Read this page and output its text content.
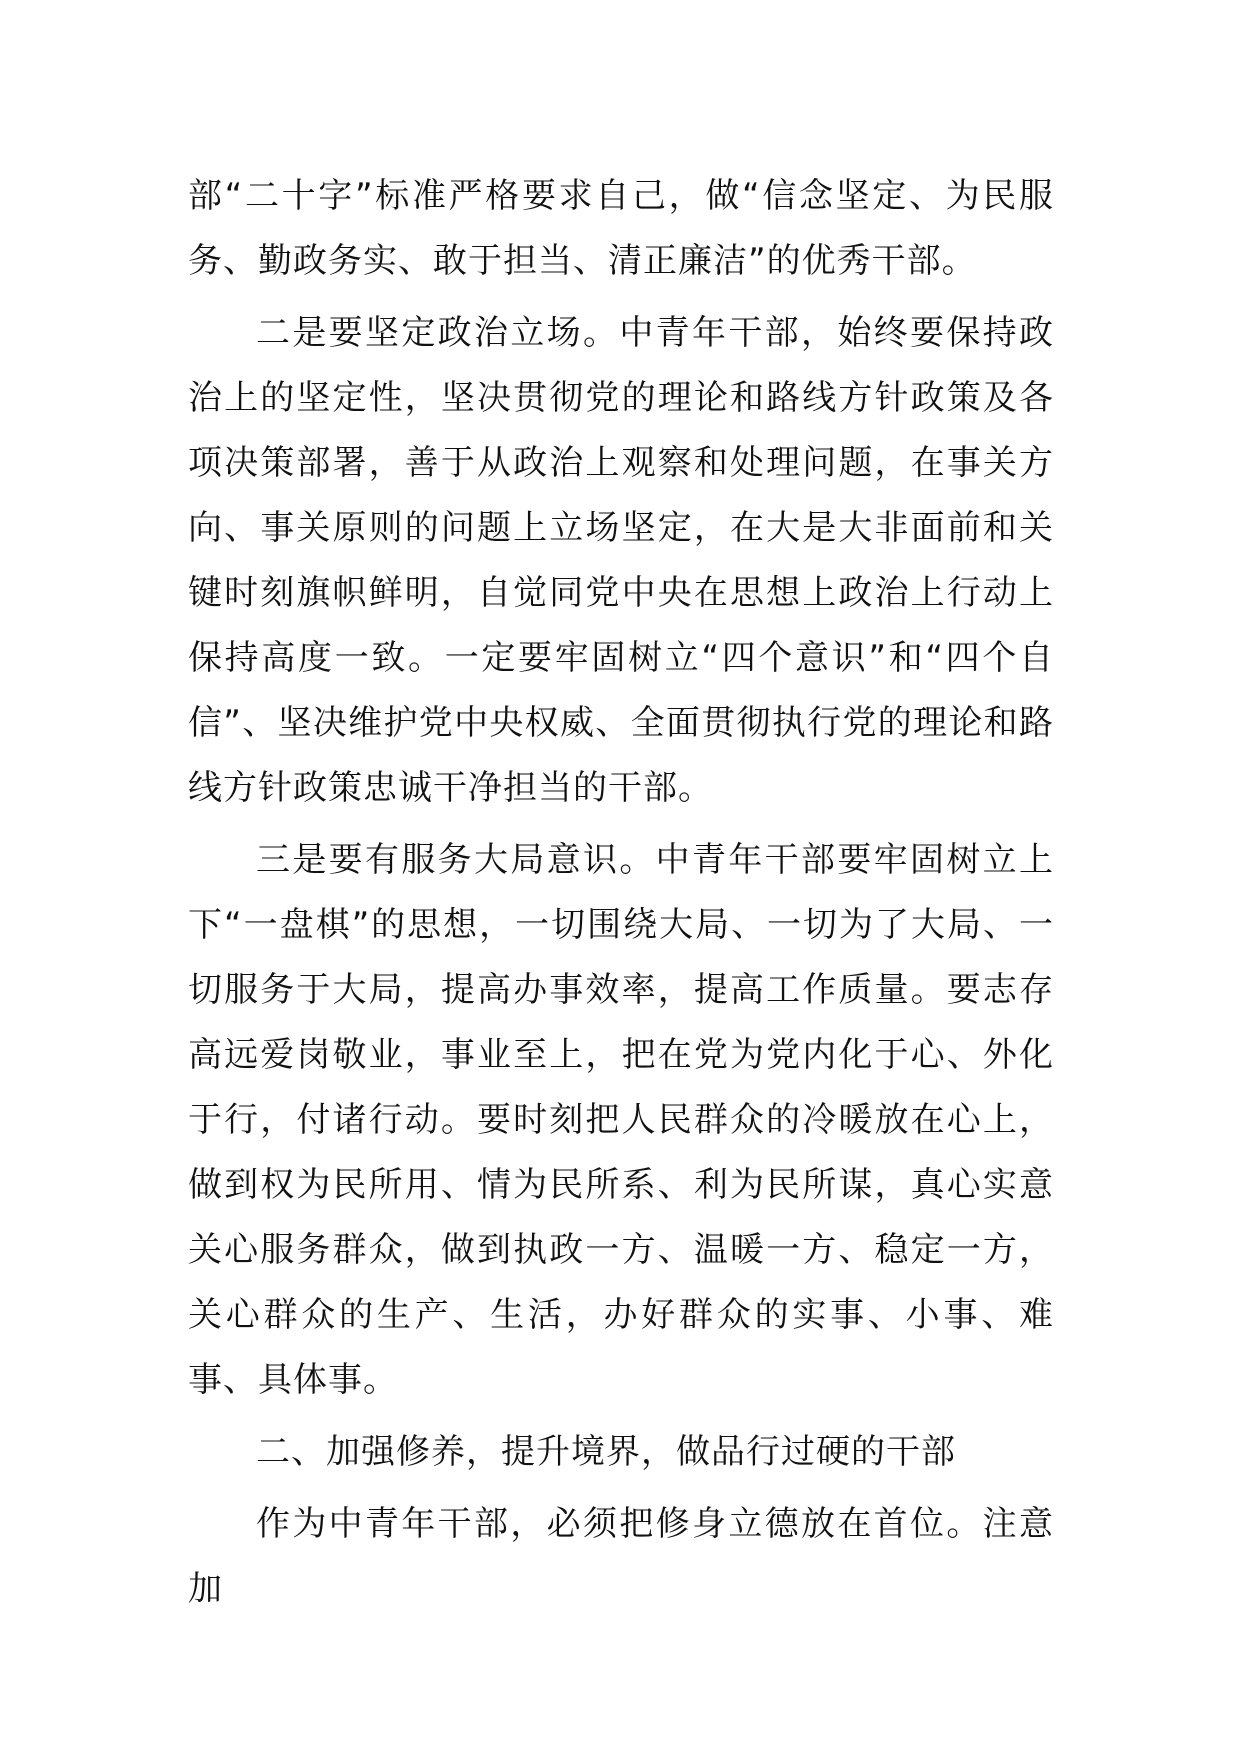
部“二十字”标准严格要求自己，做“信念坚定、为民服务、勤政务实、敢于担当、清正廉洁”的优秀干部。

二是要坚定政治立场。中青年干部，始终要保持政治上的坚定性，坚决贯彻党的理论和路线方针政策及各项决策部署，善于从政治上观察和处理问题，在事关方向、事关原则的问题上立场坚定，在大是大非面前和关键时刻旗帜鲜明，自觉同党中央在思想上政治上行动上保持高度一致。一定要牢固树立“四个意识”和“四个自信”、坚决维护党中央权威、全面贯彻执行党的理论和路线方针政策忠诚干净担当的干部。

三是要有服务大局意识。中青年干部要牢固树立上下“一盘棋”的思想，一切围绕大局、一切为了大局、一切服务于大局，提高办事效率，提高工作质量。要志存高远爱岗敬业，事业至上，把在党为党内化于心、外化于行，付诸行动。要时刻把人民群众的冷暖放在心上，做到权为民所用、情为民所系、利为民所谋，真心实意关心服务群众，做到执政一方、温暖一方、稳定一方，关心群众的生产、生活，办好群众的实事、小事、难事、具体事。

二、加强修养，提升境界，做品行过硬的干部

作为中青年干部，必须把修身立德放在首位。注意加
